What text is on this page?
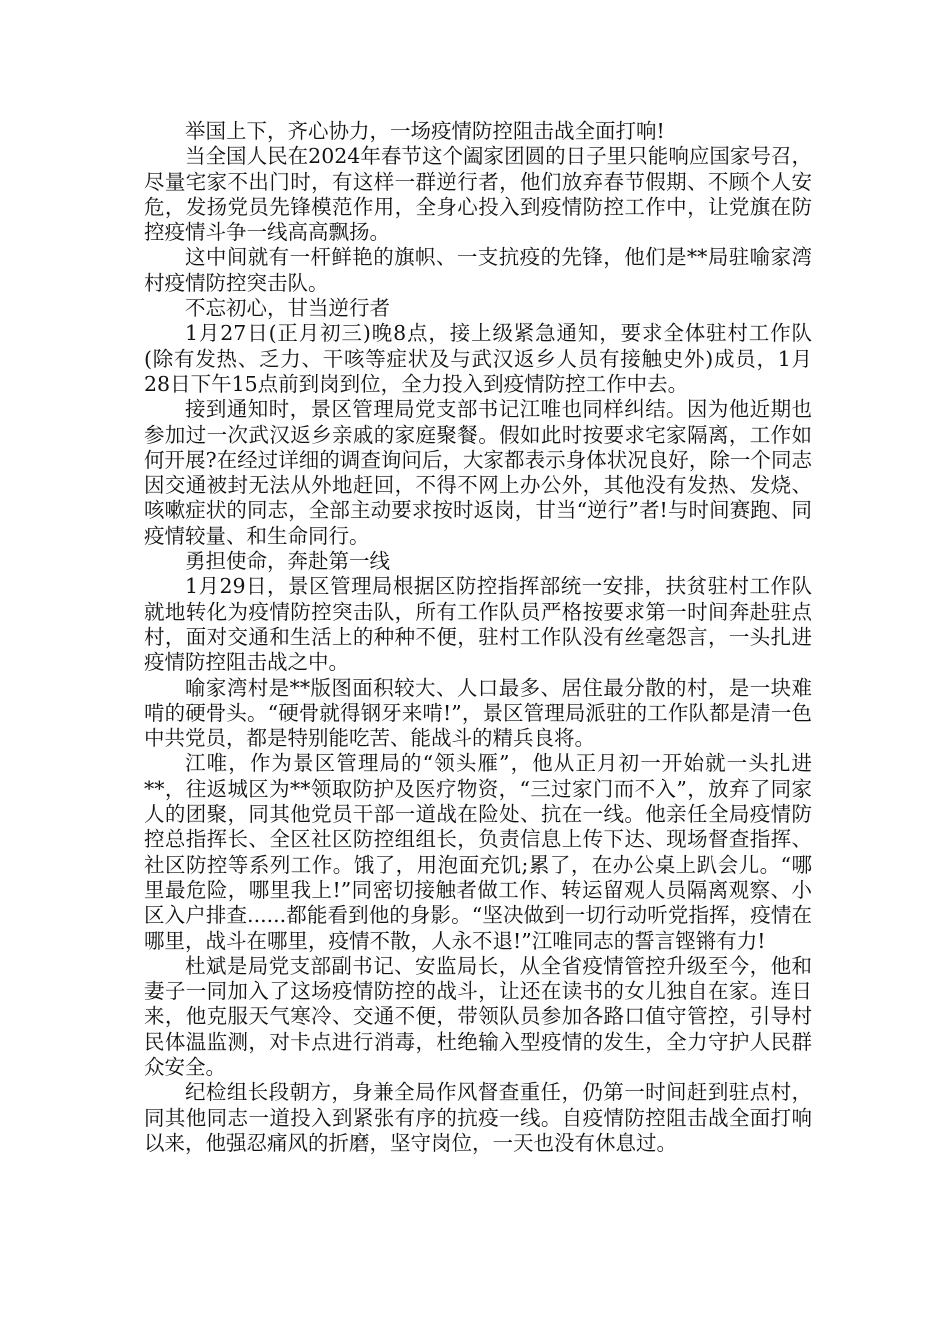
举国上下，齐心协力，一场疫情防控阻击战全面打响!

当全国人民在2024年春节这个阖家团圆的日子里只能响应国家号召，尽量宅家不出门时，有这样一群逆行者，他们放弃春节假期、不顾个人安危，发扬党员先锋模范作用，全身心投入到疫情防控工作中，让党旗在防控疫情斗争一线高高飘扬。

这中间就有一杆鲜艳的旗帜、一支抗疫的先锋，他们是**局驻喻家湾村疫情防控突击队。

不忘初心，甘当逆行者

1月27日(正月初三)晚8点，接上级紧急通知，要求全体驻村工作队(除有发热、乏力、干咳等症状及与武汉返乡人员有接触史外)成员，1月28日下午15点前到岗到位，全力投入到疫情防控工作中去。

接到通知时，景区管理局党支部书记江唯也同样纠结。因为他近期也参加过一次武汉返乡亲戚的家庭聚餐。假如此时按要求宅家隔离，工作如何开展?在经过详细的调查询问后，大家都表示身体状况良好，除一个同志因交通被封无法从外地赶回，不得不网上办公外，其他没有发热、发烧、咳嗽症状的同志，全部主动要求按时返岗，甘当“逆行”者!与时间赛跑、同疫情较量、和生命同行。

勇担使命，奔赴第一线

1月29日，景区管理局根据区防控指挥部统一安排，扶贫驻村工作队就地转化为疫情防控突击队，所有工作队员严格按要求第一时间奔赴驻点村，面对交通和生活上的种种不便，驻村工作队没有丝毫怨言，一头扎进疫情防控阻击战之中。

喻家湾村是**版图面积较大、人口最多、居住最分散的村，是一块难啃的硬骨头。“硬骨就得钢牙来啃!”，景区管理局派驻的工作队都是清一色中共党员，都是特别能吃苦、能战斗的精兵良将。

江唯，作为景区管理局的“领头雁”，他从正月初一开始就一头扎进**，往返城区为**领取防护及医疗物资，“三过家门而不入”，放弃了同家人的团聚，同其他党员干部一道战在险处、抗在一线。他亲任全局疫情防控总指挥长、全区社区防控组组长，负责信息上传下达、现场督查指挥、社区防控等系列工作。饿了，用泡面充饥;累了，在办公桌上趴会儿。“哪里最危险，哪里我上!”同密切接触者做工作、转运留观人员隔离观察、小区入户排查......都能看到他的身影。“坚决做到一切行动听党指挥，疫情在哪里，战斗在哪里，疫情不散，人永不退!”江唯同志的誓言铿锵有力!

杜斌是局党支部副书记、安监局长，从全省疫情管控升级至今，他和妻子一同加入了这场疫情防控的战斗，让还在读书的女儿独自在家。连日来，他克服天气寒冷、交通不便，带领队员参加各路口值守管控，引导村民体温监测，对卡点进行消毒，杜绝输入型疫情的发生，全力守护人民群众安全。

纪检组长段朝方，身兼全局作风督查重任，仍第一时间赶到驻点村，同其他同志一道投入到紧张有序的抗疫一线。自疫情防控阻击战全面打响以来，他强忍痛风的折磨，坚守岗位，一天也没有休息过。
